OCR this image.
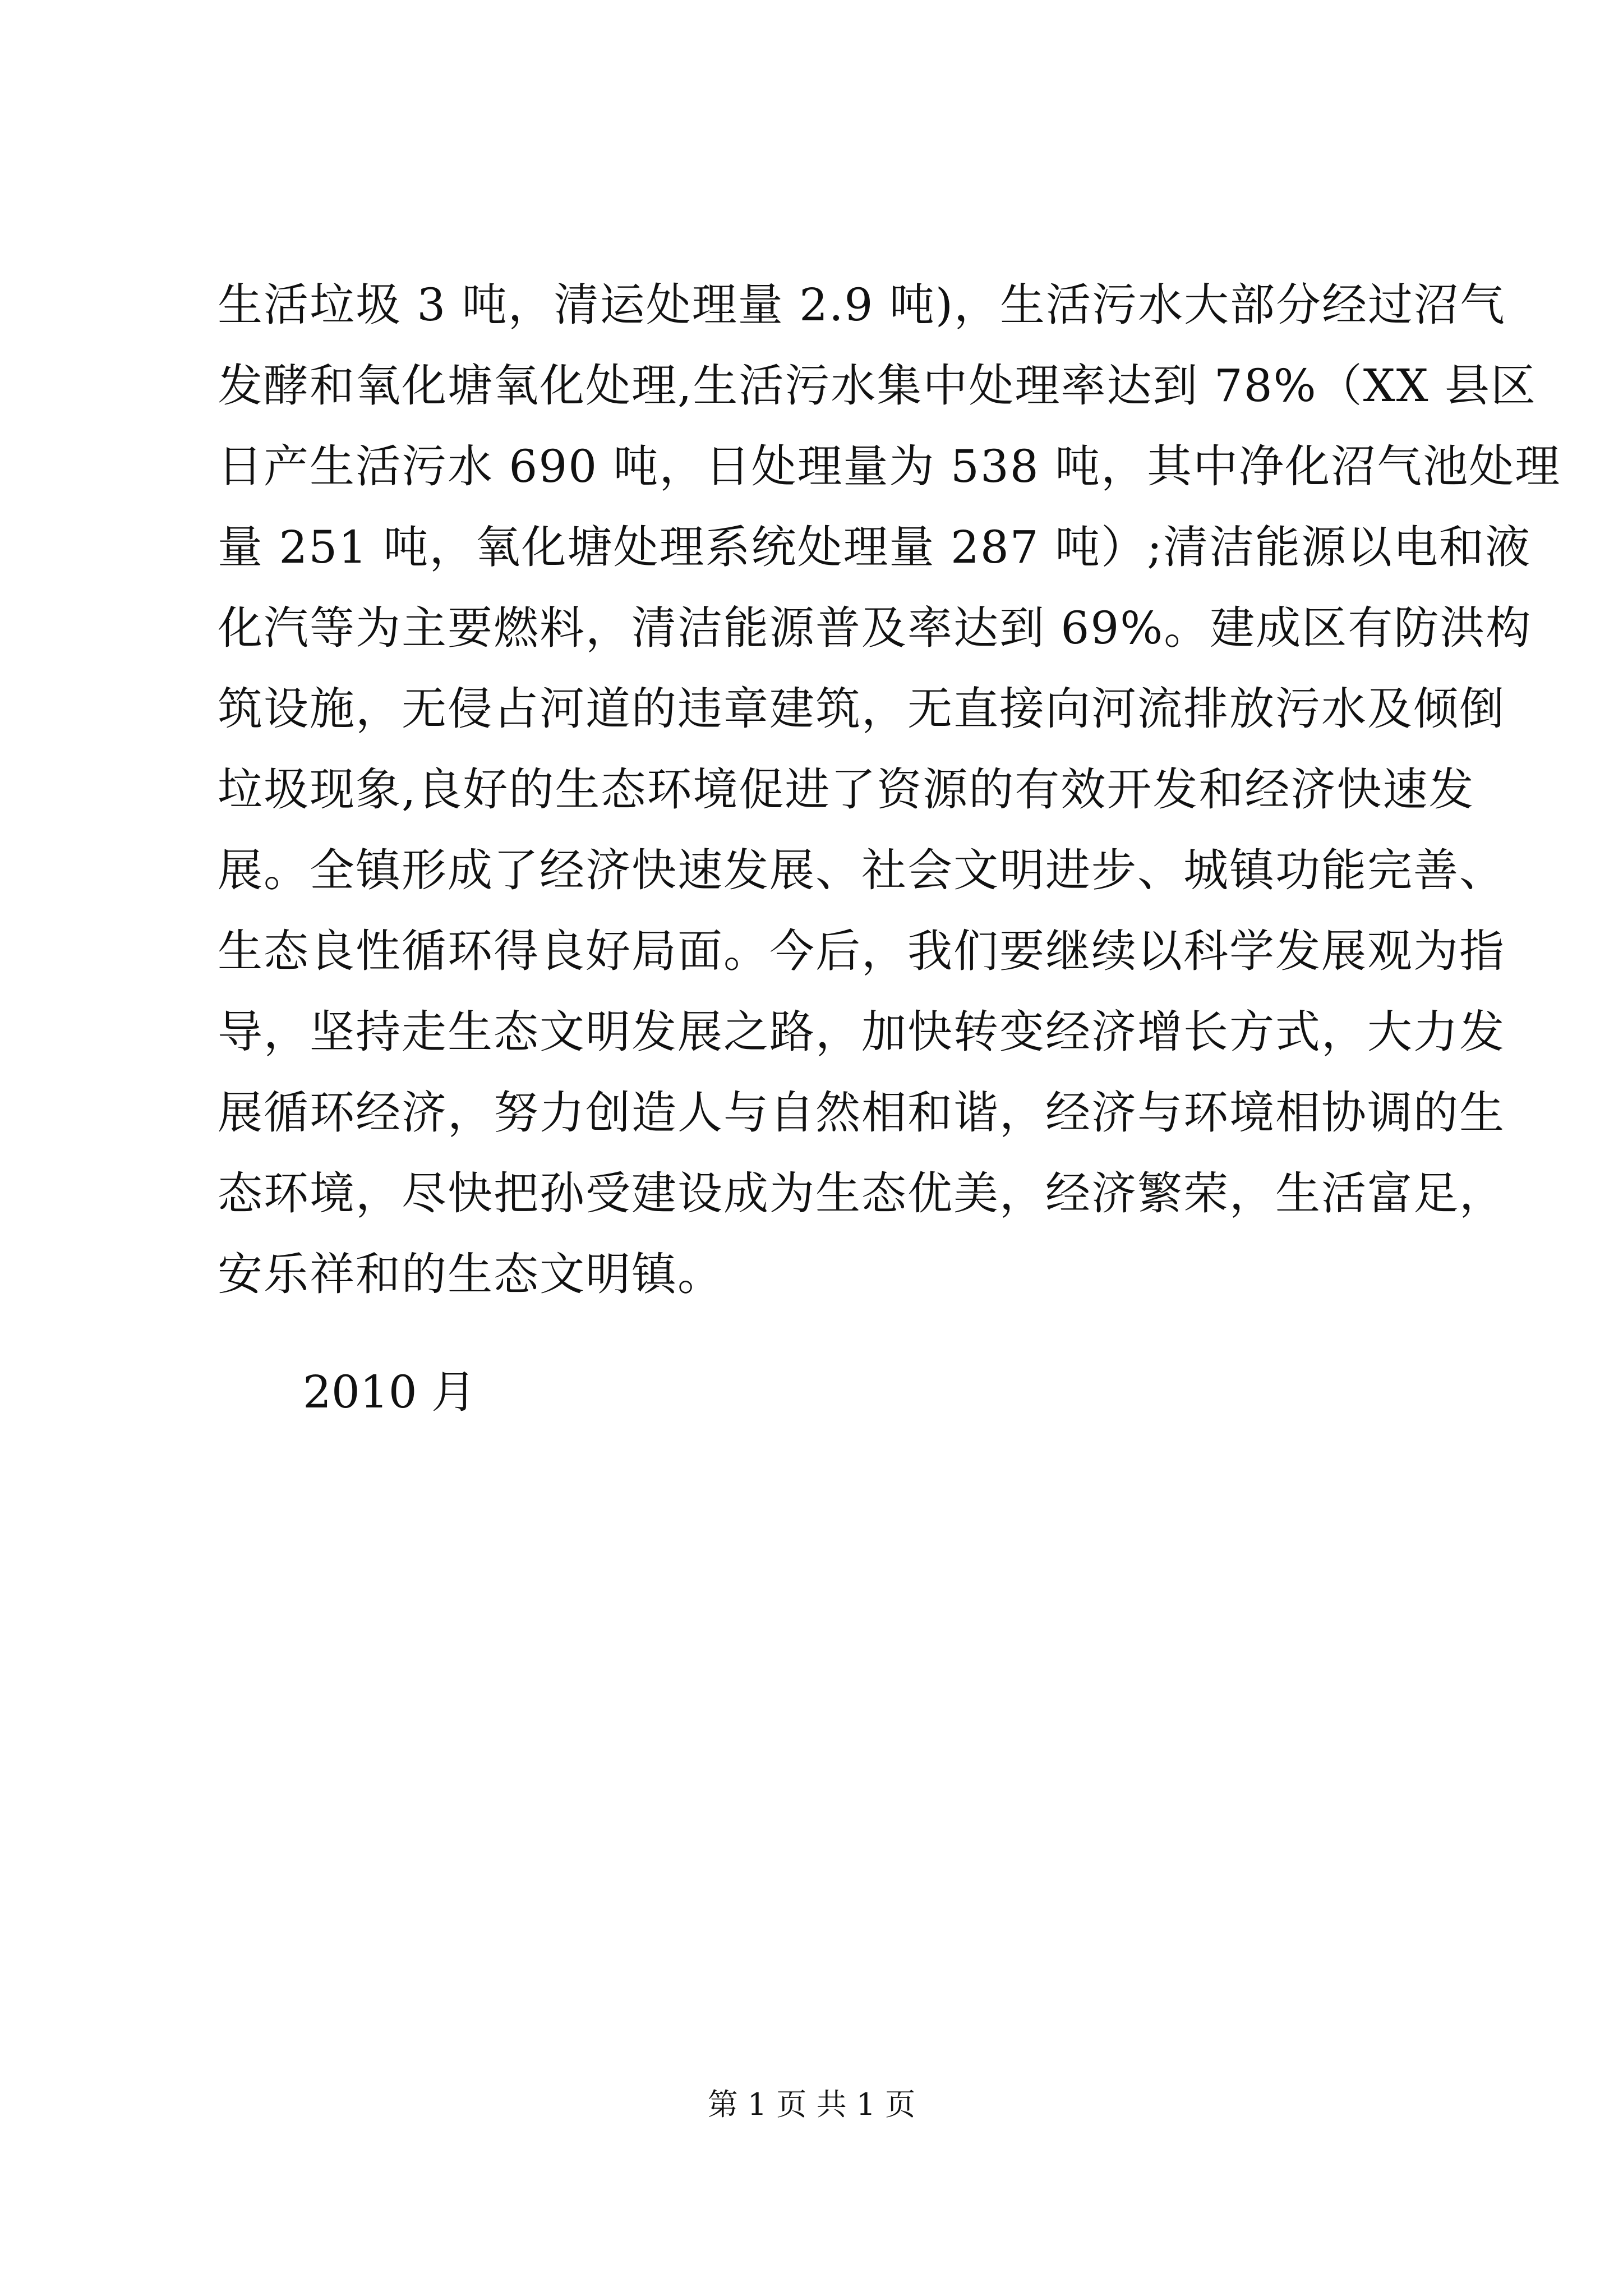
生活垃圾 3 吨，清运处理量 2.9 吨)，生活污水大部分经过沼气
发酵和氧化塘氧化处理,生活污水集中处理率达到 78%（XX 县区
日产生活污水 690 吨，日处理量为 538 吨，其中净化沼气池处理
量 251 吨，氧化塘处理系统处理量 287 吨）;清洁能源以电和液
化汽等为主要燃料，清洁能源普及率达到 69%。建成区有防洪构
筑设施，无侵占河道的违章建筑，无直接向河流排放污水及倾倒
垃圾现象,良好的生态环境促进了资源的有效开发和经济快速发
展。全镇形成了经济快速发展、社会文明进步、城镇功能完善、
生态良性循环得良好局面。今后，我们要继续以科学发展观为指
导，坚持走生态文明发展之路，加快转变经济增长方式，大力发
展循环经济，努力创造人与自然相和谐，经济与环境相协调的生
态环境，尽快把孙受建设成为生态优美，经济繁荣，生活富足，
安乐祥和的生态文明镇。
2010 月
第 1 页 共 1 页
